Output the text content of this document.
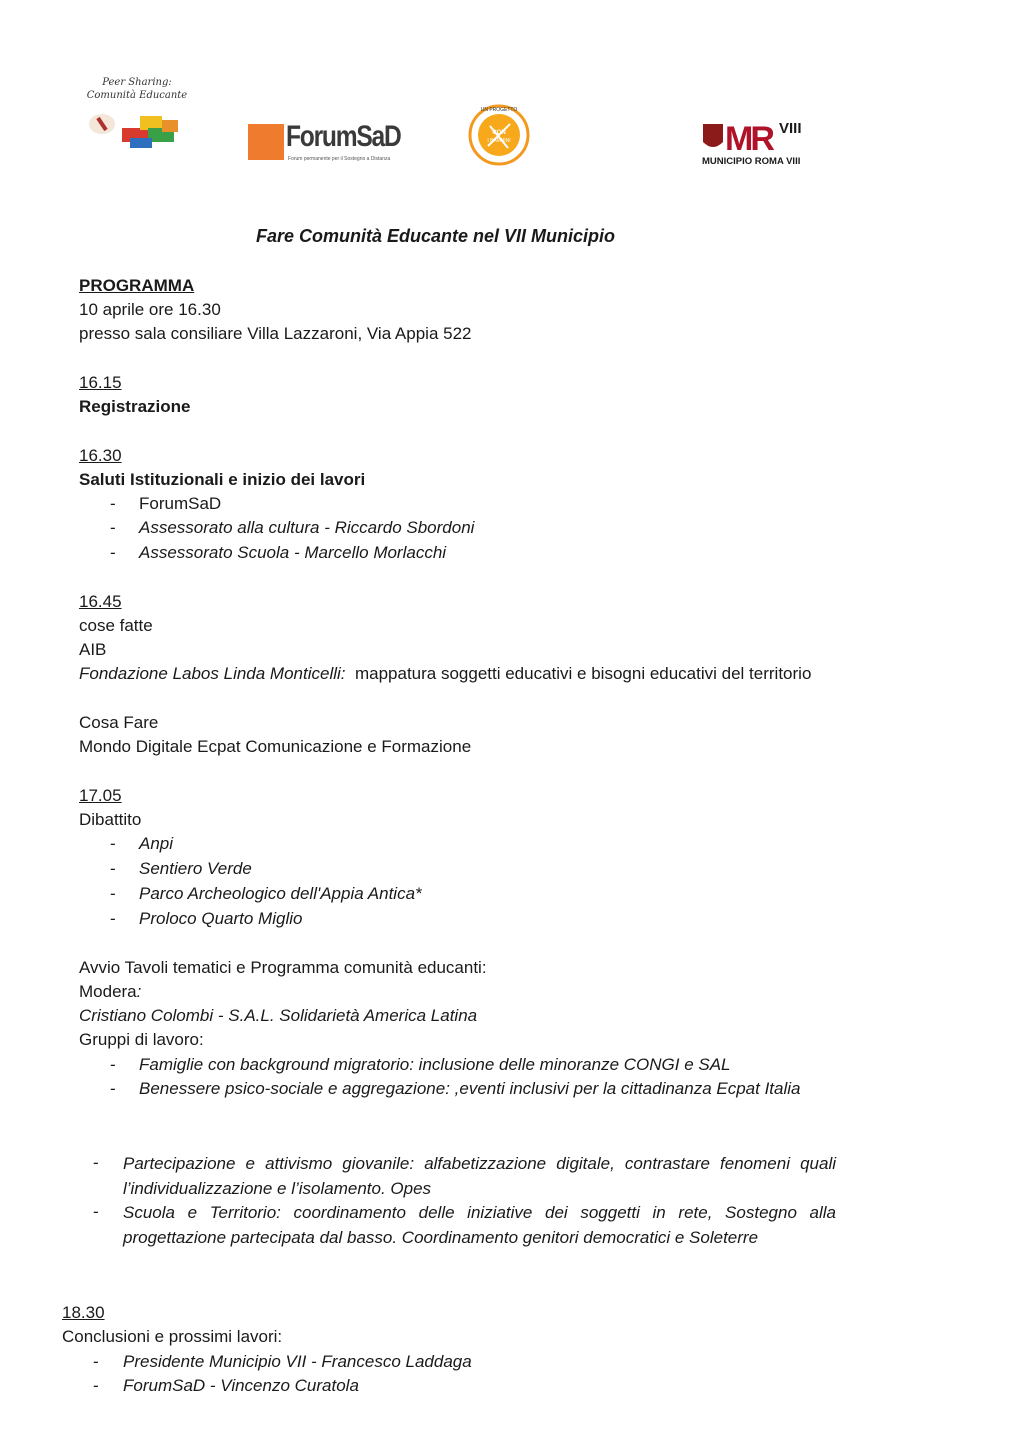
Peer Sharing:
Comunità Educante
ForumSaD
Forum permanente per il Sostegno a Distanza
UN PROGETTO
CON
I BAMBINI	MR VIII
MUNICIPIO ROMA VIII
Fare Comunità Educante nel VII Municipio
PROGRAMMA
10 aprile ore 16.30
presso sala consiliare Villa Lazzaroni, Via Appia 522
16.15
Registrazione
16.30
Saluti Istituzionali e inizio dei lavori
- ForumSaD
- Assessorato alla cultura - Riccardo Sbordoni
- Assessorato Scuola - Marcello Morlacchi
16.45
cose fatte
AIB
Fondazione Labos Linda Monticelli: mappatura soggetti educativi e bisogni educativi del territorio
Cosa Fare
Mondo Digitale Ecpat Comunicazione e Formazione
17.05
Dibattito
- Anpi
- Sentiero Verde
- Parco Archeologico dell'Appia Antica*
- Proloco Quarto Miglio
Avvio Tavoli tematici e Programma comunità educanti:
Modera:
Cristiano Colombi - S.A.L. Solidarietà America Latina
Gruppi di lavoro:
- Famiglie con background migratorio: inclusione delle minoranze CONGI e SAL
- Benessere psico-sociale e aggregazione: ,eventi inclusivi per la cittadinanza Ecpat Italia
- Partecipazione e attivismo giovanile: alfabetizzazione digitale, contrastare fenomeni quali l’individualizzazione e l’isolamento. Opes
- Scuola e Territorio: coordinamento delle iniziative dei soggetti in rete, Sostegno alla progettazione partecipata dal basso. Coordinamento genitori democratici e Soleterre
18.30
Conclusioni e prossimi lavori:
- Presidente Municipio VII - Francesco Laddaga
- ForumSaD - Vincenzo Curatola
